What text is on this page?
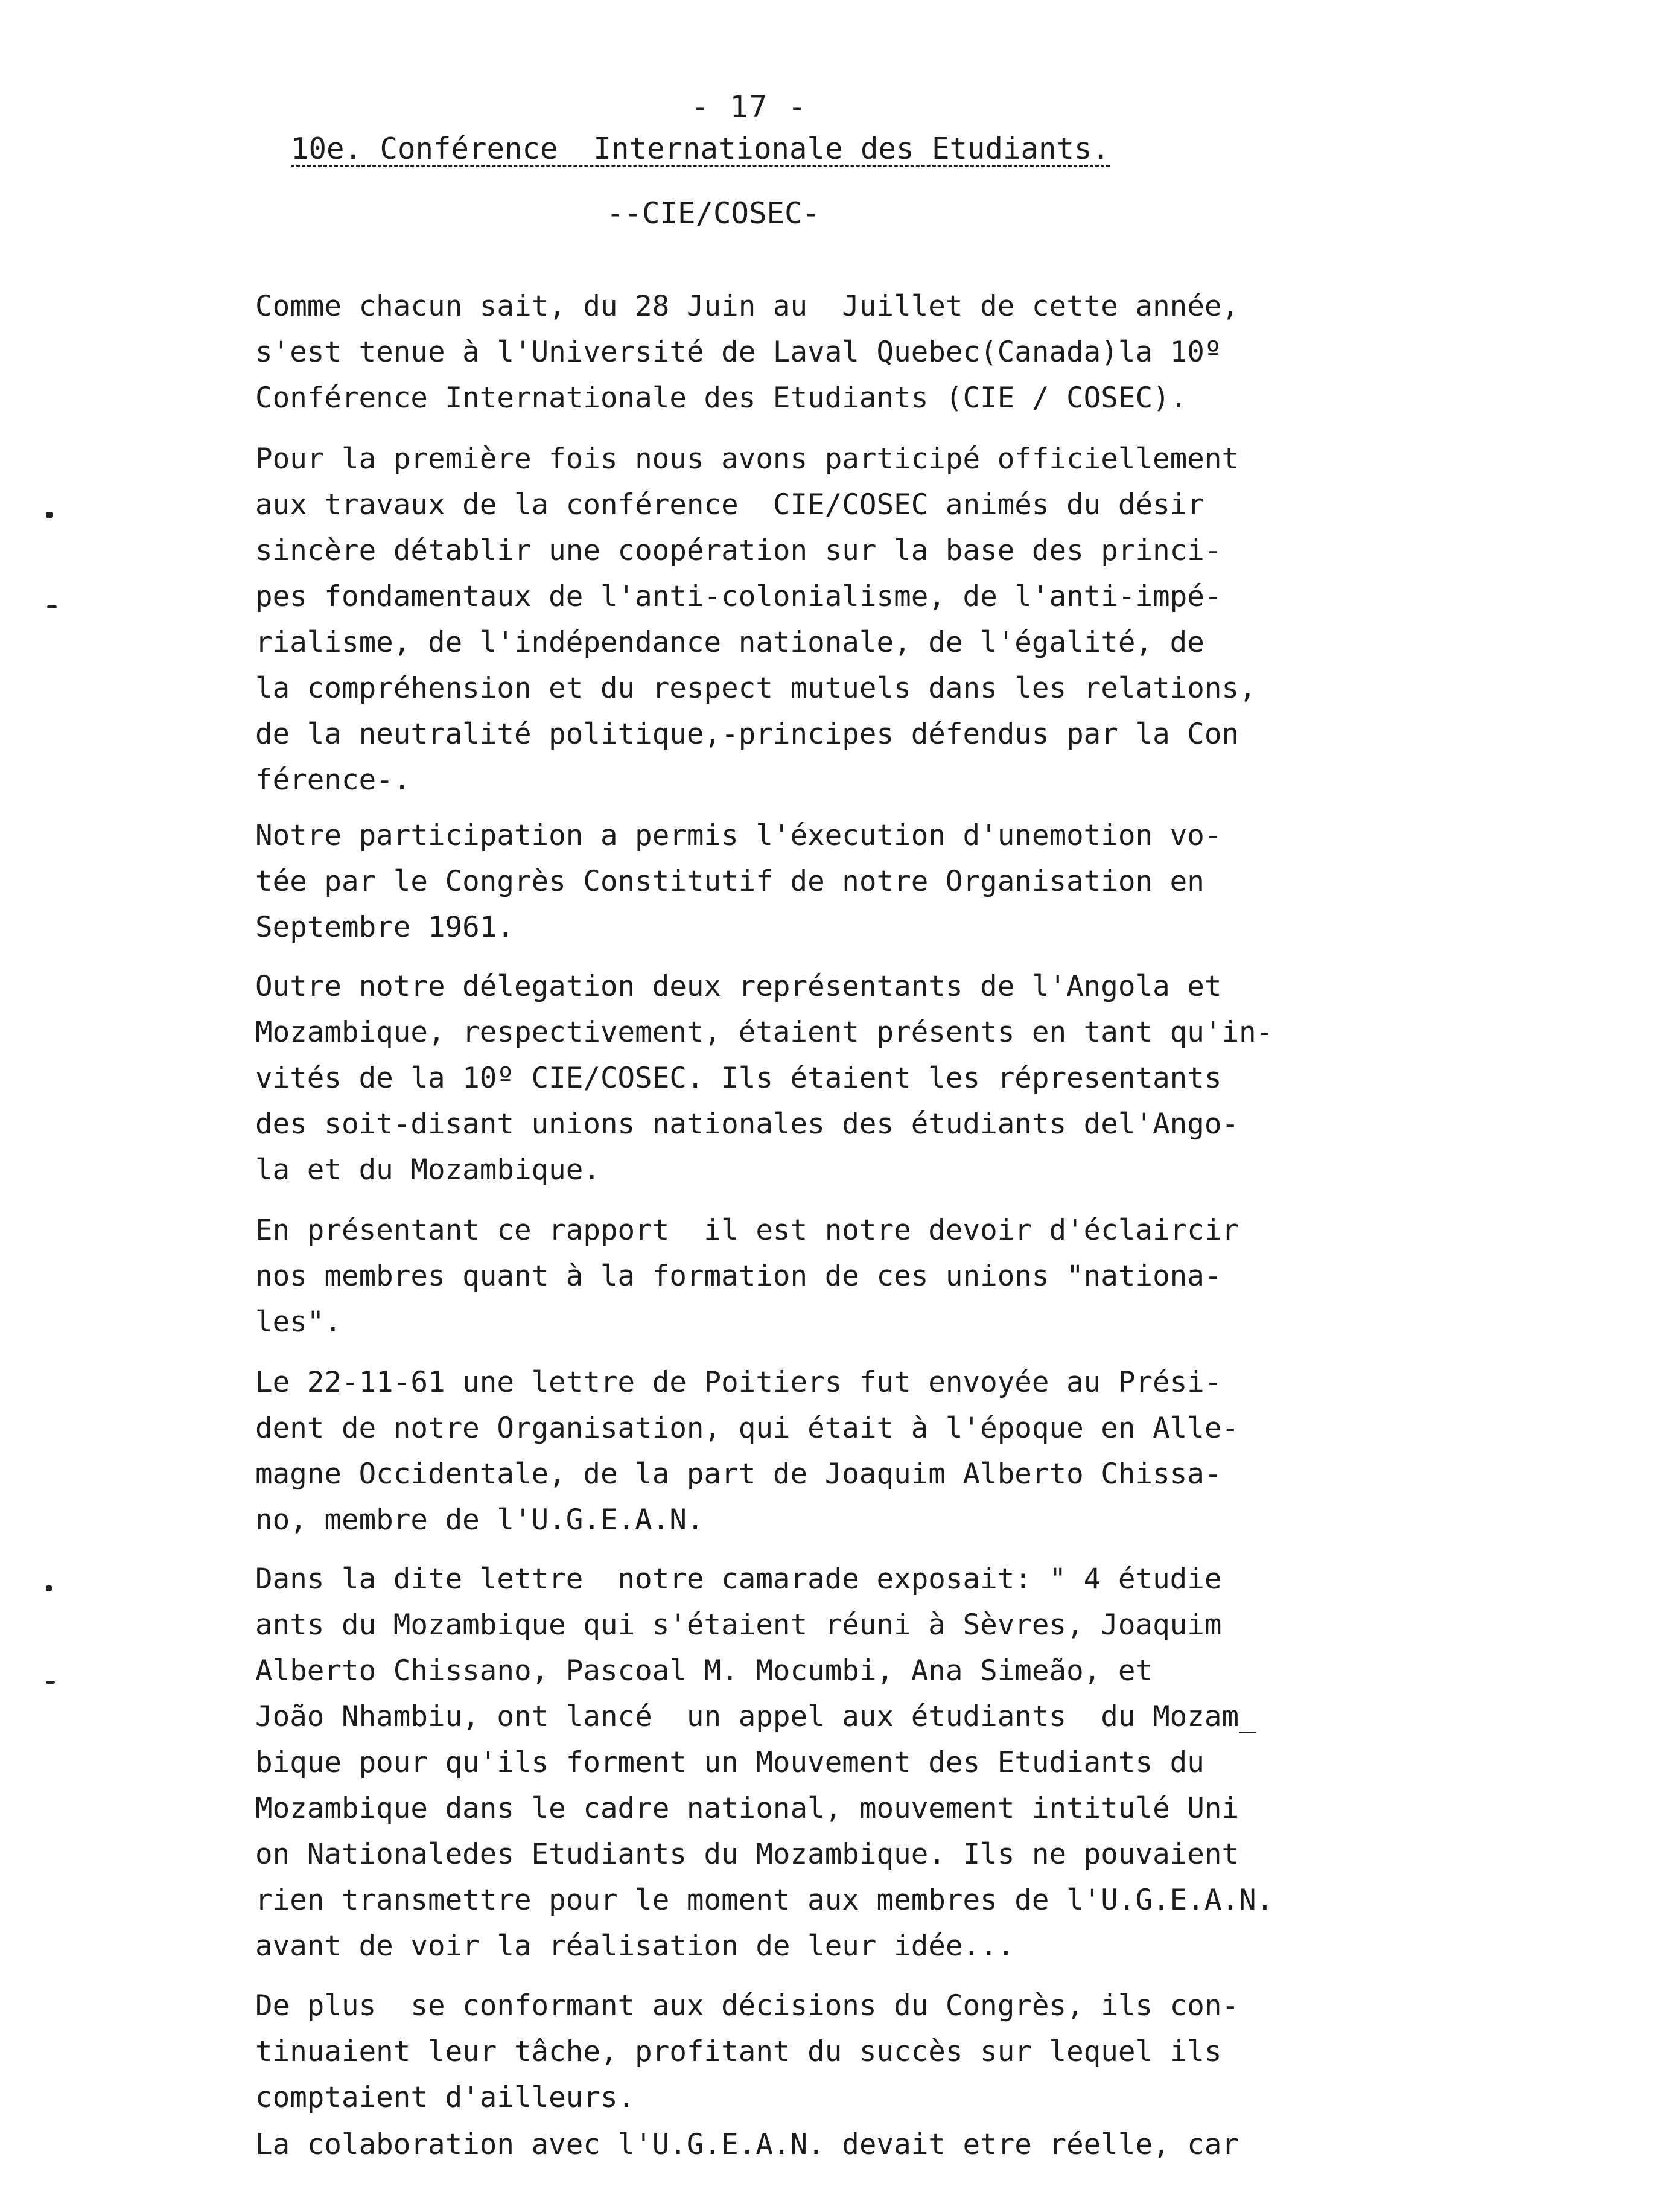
- 17 -
10e. Conférence  Internationale des Etudiants.
--CIE/COSEC-

Comme chacun sait, du 28 Juin au  Juillet de cette année,
s'est tenue à l'Université de Laval Quebec(Canada)la 10º
Conférence Internationale des Etudiants (CIE / COSEC).

Pour la première fois nous avons participé officiellement
aux travaux de la conférence  CIE/COSEC animés du désir
sincère détablir une coopération sur la base des princi-
pes fondamentaux de l'anti-colonialisme, de l'anti-impé-
rialisme, de l'indépendance nationale, de l'égalité, de
la compréhension et du respect mutuels dans les relations,
de la neutralité politique,-principes défendus par la Con
férence-.

Notre participation a permis l'éxecution d'unemotion vo-
tée par le Congrès Constitutif de notre Organisation en
Septembre 1961.

Outre notre délegation deux représentants de l'Angola et
Mozambique, respectivement, étaient présents en tant qu'in-
vités de la 10º CIE/COSEC. Ils étaient les répresentants
des soit-disant unions nationales des étudiants del'Ango-
la et du Mozambique.

En présentant ce rapport  il est notre devoir d'éclaircir
nos membres quant à la formation de ces unions "nationa-
les".

Le 22-11-61 une lettre de Poitiers fut envoyée au Prési-
dent de notre Organisation, qui était à l'époque en Alle-
magne Occidentale, de la part de Joaquim Alberto Chissa-
no, membre de l'U.G.E.A.N.

Dans la dite lettre  notre camarade exposait: " 4 étudie
ants du Mozambique qui s'étaient réuni à Sèvres, Joaquim
Alberto Chissano, Pascoal M. Mocumbi, Ana Simeão, et
João Nhambiu, ont lancé  un appel aux étudiants  du Mozam_
bique pour qu'ils forment un Mouvement des Etudiants du
Mozambique dans le cadre national, mouvement intitulé Uni
on Nationaledes Etudiants du Mozambique. Ils ne pouvaient
rien transmettre pour le moment aux membres de l'U.G.E.A.N.
avant de voir la réalisation de leur idée...

De plus  se conformant aux décisions du Congrès, ils con-
tinuaient leur tâche, profitant du succès sur lequel ils
comptaient d'ailleurs.

La colaboration avec l'U.G.E.A.N. devait etre réelle, car
